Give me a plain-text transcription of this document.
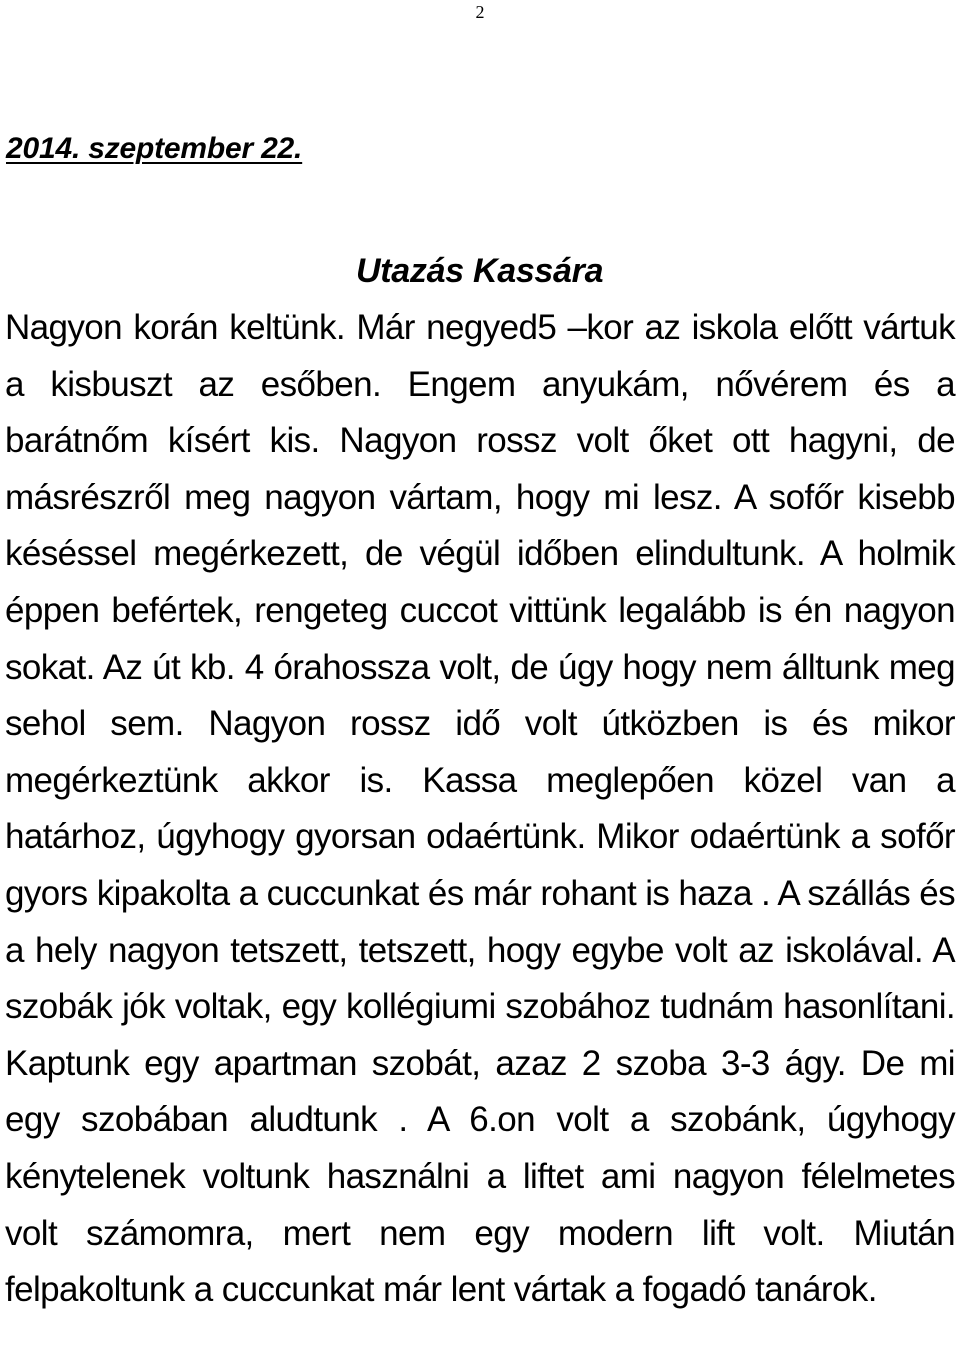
2
2014. szeptember 22.
Utazás Kassára

Nagyon korán keltünk. Már negyed5 –kor az iskola előtt vártuk a kisbuszt az esőben. Engem anyukám, nővérem és a barátnőm kísért kis. Nagyon rossz volt őket ott hagyni, de másrészről meg nagyon vártam, hogy mi lesz. A sofőr kisebb késéssel megérkezett, de végül időben elindultunk. A holmik éppen befértek, rengeteg cuccot vittünk legalább is én nagyon sokat. Az út kb. 4 órahossza volt, de úgy hogy nem álltunk meg sehol sem. Nagyon rossz idő volt útközben is és mikor megérkeztünk akkor is. Kassa meglepően közel van a határhoz, úgyhogy gyorsan odaértünk. Mikor odaértünk a sofőr gyors kipakolta a cuccunkat és már rohant is haza . A szállás és a hely nagyon tetszett, tetszett, hogy egybe volt az iskolával. A szobák jók voltak, egy kollégiumi szobához tudnám hasonlítani. Kaptunk egy apartman szobát, azaz 2 szoba 3-3 ágy. De mi egy szobában aludtunk . A 6.on volt a szobánk, úgyhogy kénytelenek voltunk használni a liftet ami nagyon félelmetes volt számomra, mert nem egy modern lift volt. Miután felpakoltunk a cuccunkat már lent vártak a fogadó tanárok.
